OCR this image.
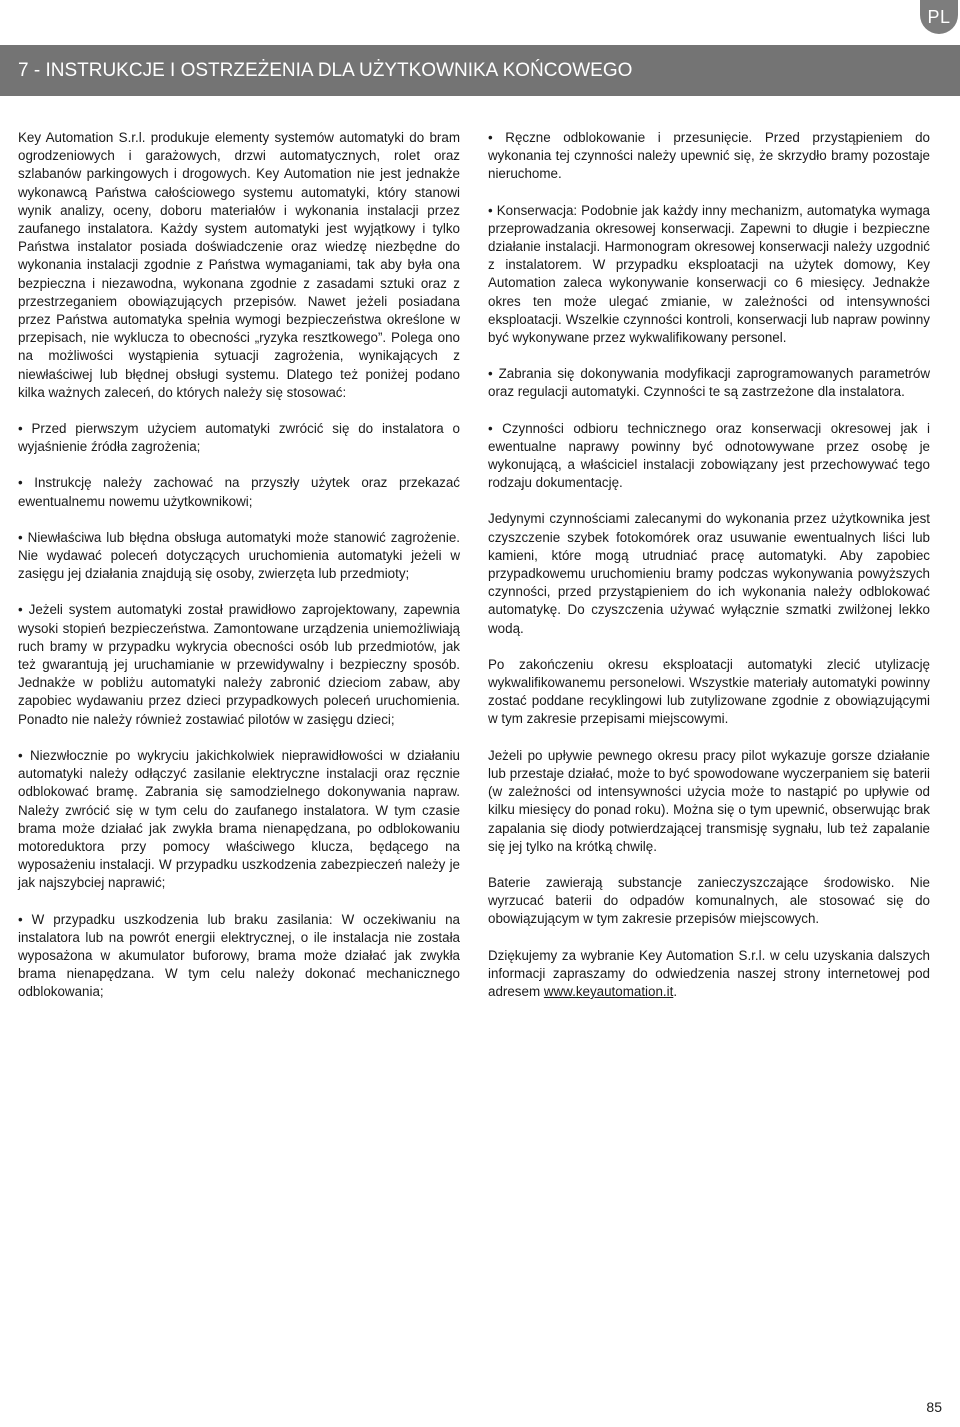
PL
7 - INSTRUKCJE I OSTRZEŻENIA DLA UŻYTKOWNIKA KOŃCOWEGO

Key Automation S.r.l. produkuje elementy systemów automatyki do bram ogrodzeniowych i garażowych, drzwi automatycznych, rolet oraz szlabanów parkingowych i drogowych. Key Automation nie jest jednakże wykonawcą Państwa całościowego systemu automatyki, który stanowi wynik analizy, oceny, doboru materiałów i wykonania instalacji przez zaufanego instalatora. Każdy system automatyki jest wyjątkowy i tylko Państwa instalator posiada doświadczenie oraz wiedzę niezbędne do wykonania instalacji zgodnie z Państwa wymaganiami, tak aby była ona bezpieczna i niezawodna, wykonana zgodnie z zasadami sztuki oraz z przestrzeganiem obowiązujących przepisów. Nawet jeżeli posiadana przez Państwa automatyka spełnia wymogi bezpieczeństwa określone w przepisach, nie wyklucza to obecności „ryzyka resztkowego”. Polega ono na możliwości wystąpienia sytuacji zagrożenia, wynikających z niewłaściwej lub błędnej obsługi systemu. Dlatego też poniżej podano kilka ważnych zaleceń, do których należy się stosować:

• Przed pierwszym użyciem automatyki zwrócić się do instalatora o wyjaśnienie źródła zagrożenia;

• Instrukcję należy zachować na przyszły użytek oraz przekazać ewentualnemu nowemu użytkownikowi;

• Niewłaściwa lub błędna obsługa automatyki może stanowić zagrożenie. Nie wydawać poleceń dotyczących uruchomienia automatyki jeżeli w zasięgu jej działania znajdują się osoby, zwierzęta lub przedmioty;

• Jeżeli system automatyki został prawidłowo zaprojektowany, zapewnia wysoki stopień bezpieczeństwa. Zamontowane urządzenia uniemożliwiają ruch bramy w przypadku wykrycia obecności osób lub przedmiotów, jak też gwarantują jej uruchamianie w przewidywalny i bezpieczny sposób. Jednakże w pobliżu automatyki należy zabronić dzieciom zabaw, aby zapobiec wydawaniu przez dzieci przypadkowych poleceń uruchomienia. Ponadto nie należy również zostawiać pilotów w zasięgu dzieci;

• Niezwłocznie po wykryciu jakichkolwiek nieprawidłowości w działaniu automatyki należy odłączyć zasilanie elektryczne instalacji oraz ręcznie odblokować bramę. Zabrania się samodzielnego dokonywania napraw. Należy zwrócić się w tym celu do zaufanego instalatora. W tym czasie brama może działać jak zwykła brama nienapędzana, po odblokowaniu motoreduktora przy pomocy właściwego klucza, będącego na wyposażeniu instalacji. W przypadku uszkodzenia zabezpieczeń należy je jak najszybciej naprawić;

• W przypadku uszkodzenia lub braku zasilania: W oczekiwaniu na instalatora lub na powrót energii elektrycznej, o ile instalacja nie została wyposażona w akumulator buforowy, brama może działać jak zwykła brama nienapędzana. W tym celu należy dokonać mechanicznego odblokowania;

• Ręczne odblokowanie i przesunięcie. Przed przystąpieniem do wykonania tej czynności należy upewnić się, że skrzydło bramy pozostaje nieruchome.

• Konserwacja: Podobnie jak każdy inny mechanizm, automatyka wymaga przeprowadzania okresowej konserwacji. Zapewni to długie i bezpieczne działanie instalacji. Harmonogram okresowej konserwacji należy uzgodnić z instalatorem. W przypadku eksploatacji na użytek domowy, Key Automation zaleca wykonywanie konserwacji co 6 miesięcy. Jednakże okres ten może ulegać zmianie, w zależności od intensywności eksploatacji. Wszelkie czynności kontroli, konserwacji lub napraw powinny być wykonywane przez wykwalifikowany personel.

• Zabrania się dokonywania modyfikacji zaprogramowanych parametrów oraz regulacji automatyki. Czynności te są zastrzeżone dla instalatora.

• Czynności odbioru technicznego oraz konserwacji okresowej jak i ewentualne naprawy powinny być odnotowywane przez osobę je wykonującą, a właściciel instalacji zobowiązany jest przechowywać tego rodzaju dokumentację.

Jedynymi czynnościami zalecanymi do wykonania przez użytkownika jest czyszczenie szybek fotokomórek oraz usuwanie ewentualnych liści lub kamieni, które mogą utrudniać pracę automatyki. Aby zapobiec przypadkowemu uruchomieniu bramy podczas wykonywania powyższych czynności, przed przystąpieniem do ich wykonania należy odblokować automatykę. Do czyszczenia używać wyłącznie szmatki zwilżonej lekko wodą.

Po zakończeniu okresu eksploatacji automatyki zlecić utylizację wykwalifikowanemu personelowi. Wszystkie materiały automatyki powinny zostać poddane recyklingowi lub zutylizowane zgodnie z obowiązującymi w tym zakresie przepisami miejscowymi.

Jeżeli po upływie pewnego okresu pracy pilot wykazuje gorsze działanie lub przestaje działać, może to być spowodowane wyczerpaniem się baterii (w zależności od intensywności użycia może to nastąpić po upływie od kilku miesięcy do ponad roku). Można się o tym upewnić, obserwując brak zapalania się diody potwierdzającej transmisję sygnału, lub też zapalanie się jej tylko na krótką chwilę.

Baterie zawierają substancje zanieczyszczające środowisko. Nie wyrzucać baterii do odpadów komunalnych, ale stosować się do obowiązującym w tym zakresie przepisów miejscowych.

Dziękujemy za wybranie Key Automation S.r.l. w celu uzyskania dalszych informacji zapraszamy do odwiedzenia naszej strony internetowej pod adresem www.keyautomation.it.

85
